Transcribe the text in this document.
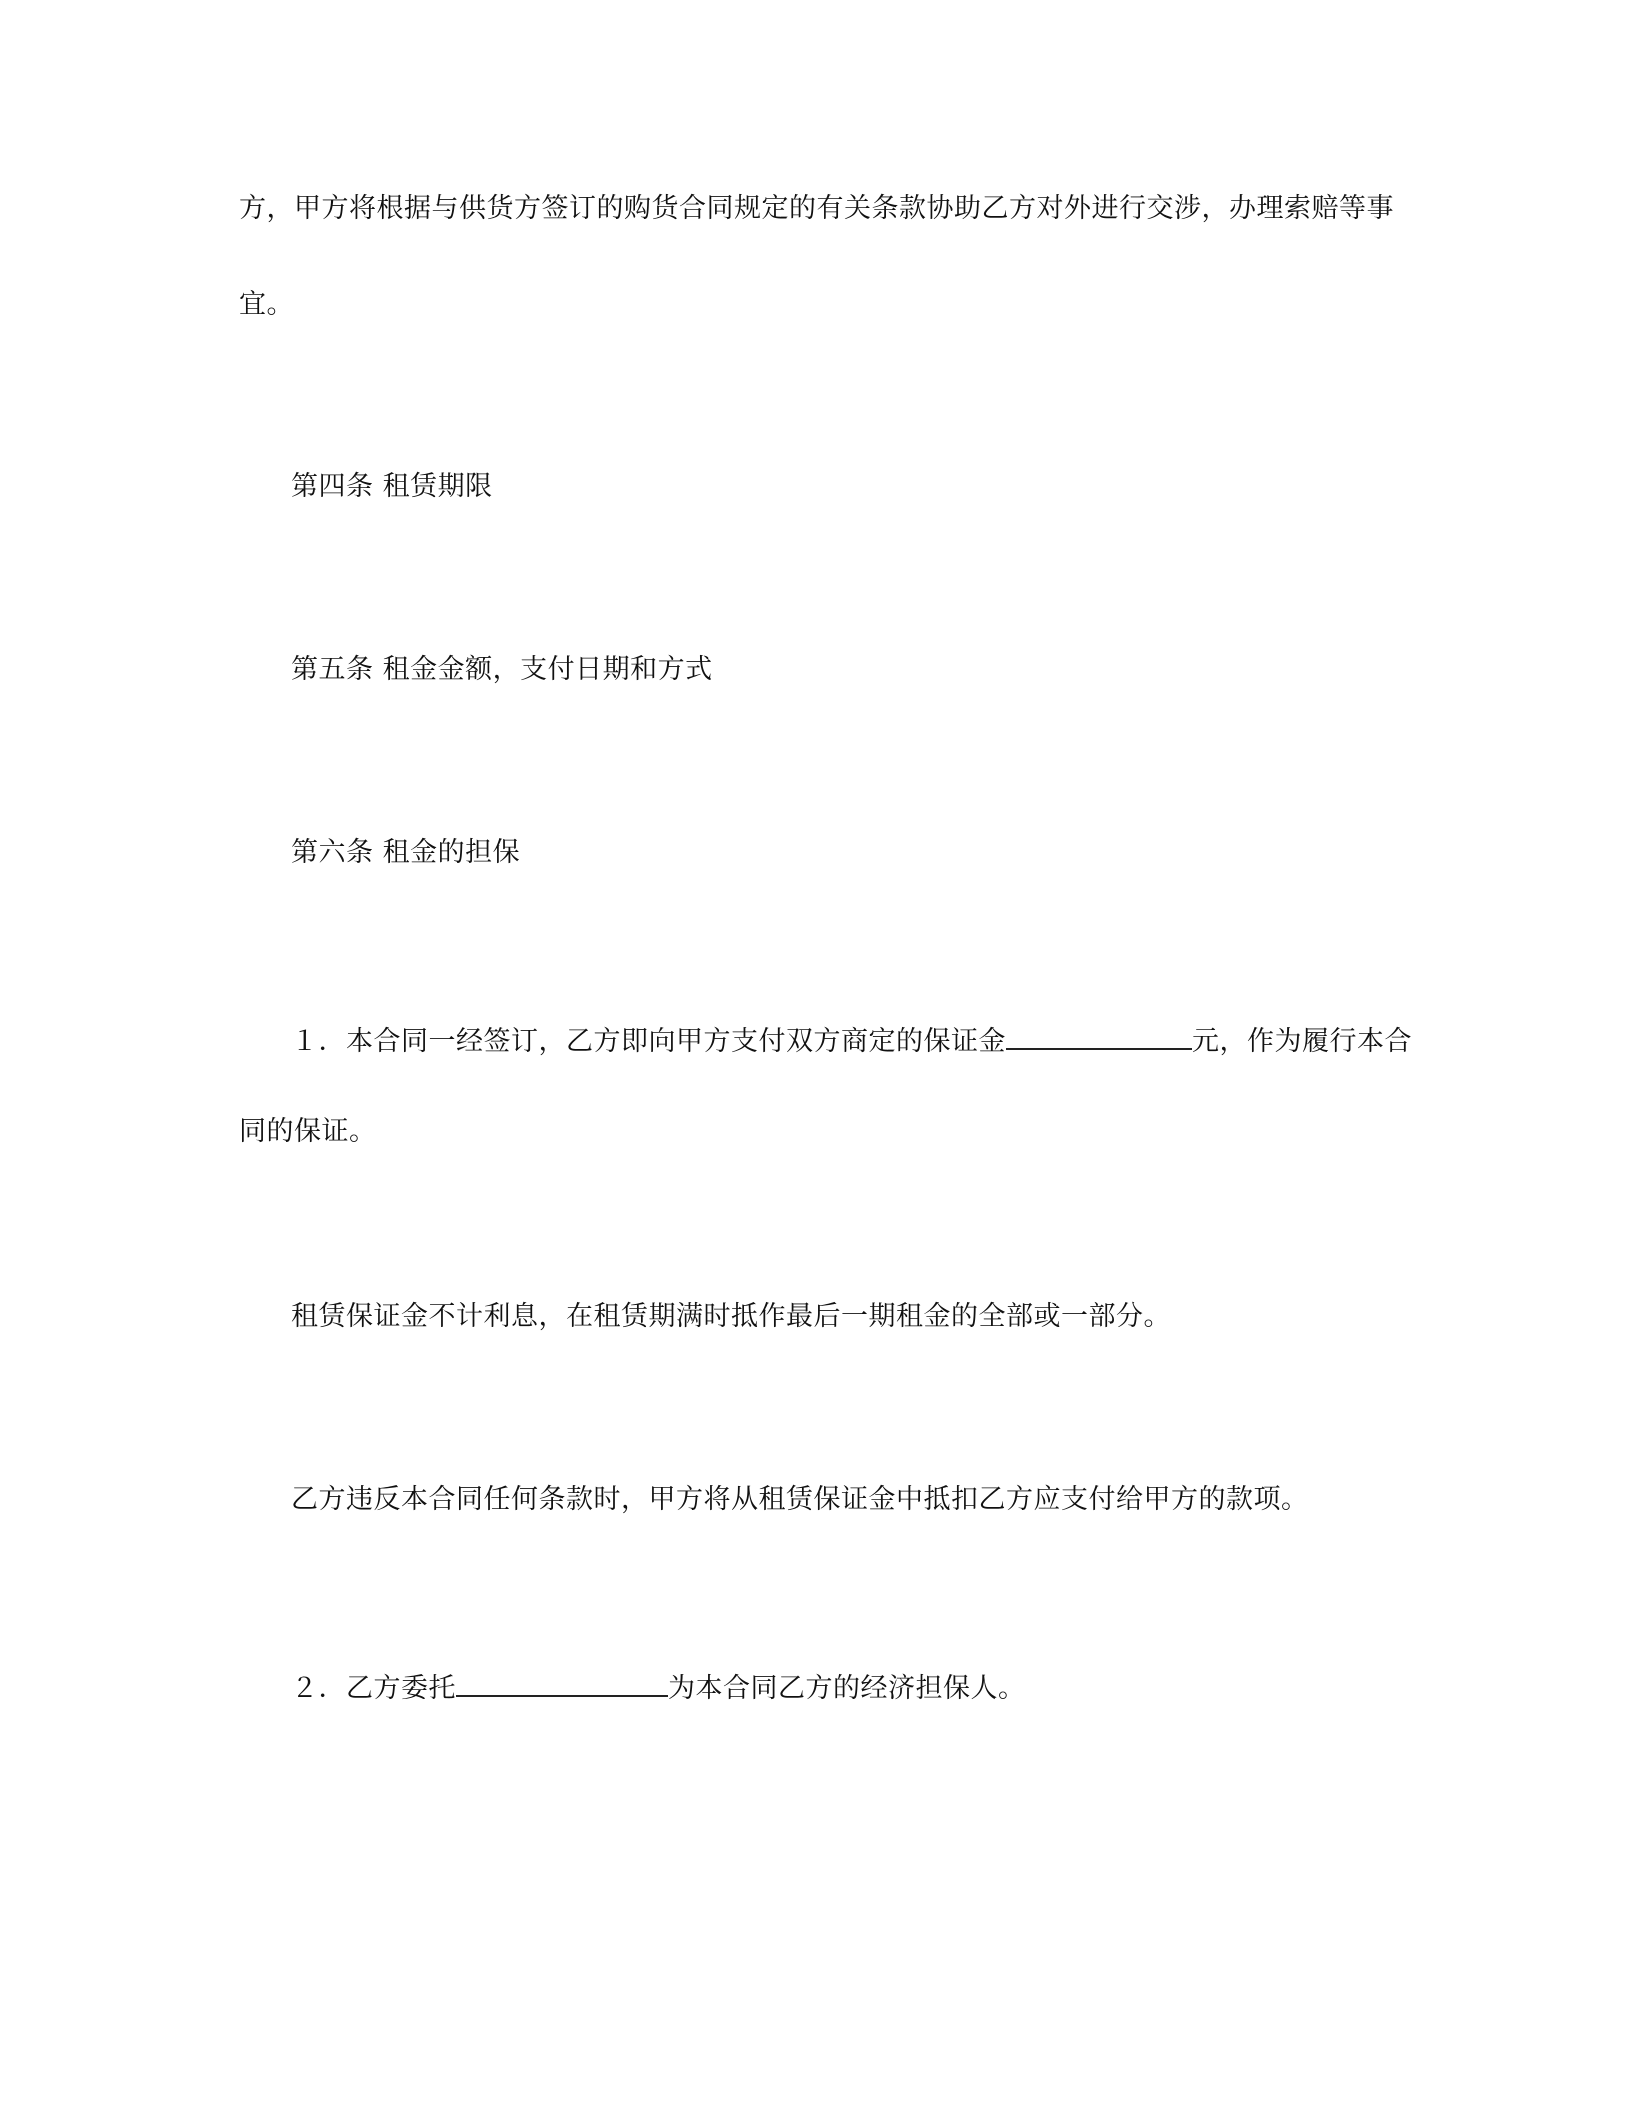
方，甲方将根据与供货方签订的购货合同规定的有关条款协助乙方对外进行交涉，办理索赔等事
宜。
第四条 租赁期限
第五条 租金金额，支付日期和方式
第六条 租金的担保
１．本合同一经签订，乙方即向甲方支付双方商定的保证金	元，作为履行本合
同的保证。
租赁保证金不计利息，在租赁期满时抵作最后一期租金的全部或一部分。
乙方违反本合同任何条款时，甲方将从租赁保证金中抵扣乙方应支付给甲方的款项。
２．乙方委托	为本合同乙方的经济担保人。
